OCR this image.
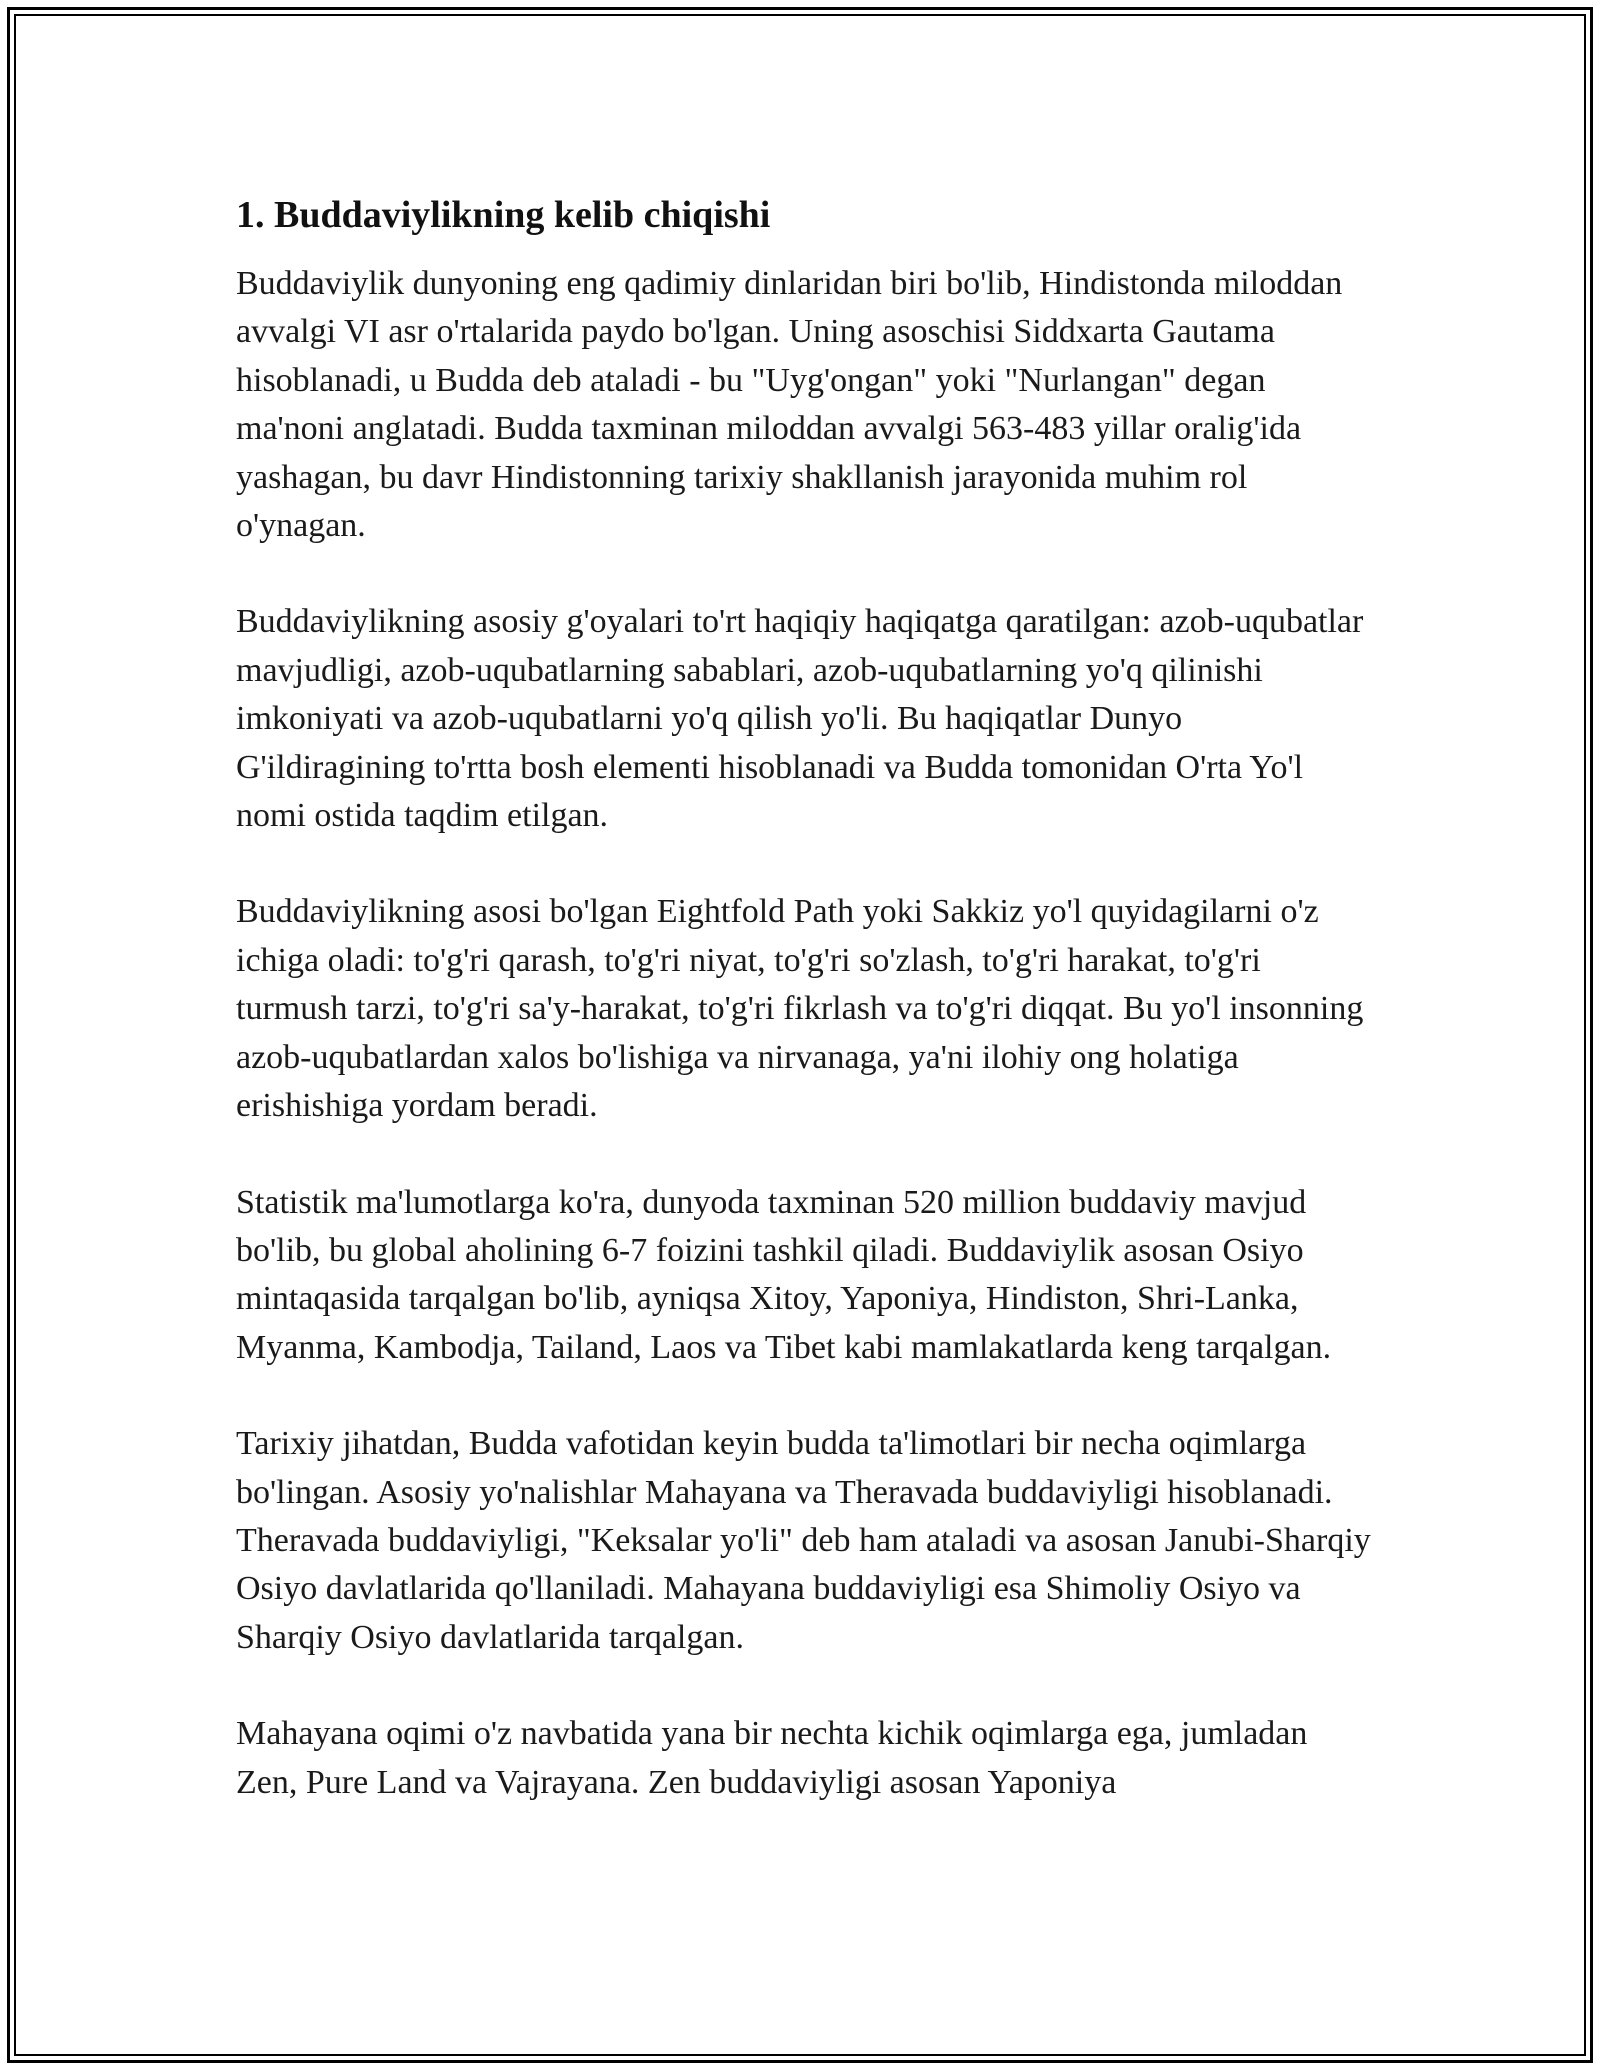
1. Buddaviylikning kelib chiqishi

Buddaviylik dunyoning eng qadimiy dinlaridan biri bo'lib, Hindistonda miloddan avvalgi VI asr o'rtalarida paydo bo'lgan. Uning asoschisi Siddxarta Gautama hisoblanadi, u Budda deb ataladi - bu "Uyg'ongan" yoki "Nurlangan" degan ma'noni anglatadi. Budda taxminan miloddan avvalgi 563-483 yillar oralig'ida yashagan, bu davr Hindistonning tarixiy shakllanish jarayonida muhim rol o'ynagan.

Buddaviylikning asosiy g'oyalari to'rt haqiqiy haqiqatga qaratilgan: azob-uqubatlar mavjudligi, azob-uqubatlarning sabablari, azob-uqubatlarning yo'q qilinishi imkoniyati va azob-uqubatlarni yo'q qilish yo'li. Bu haqiqatlar Dunyo G'ildiragining to'rtta bosh elementi hisoblanadi va Budda tomonidan O'rta Yo'l nomi ostida taqdim etilgan.

Buddaviylikning asosi bo'lgan Eightfold Path yoki Sakkiz yo'l quyidagilarni o'z ichiga oladi: to'g'ri qarash, to'g'ri niyat, to'g'ri so'zlash, to'g'ri harakat, to'g'ri turmush tarzi, to'g'ri sa'y-harakat, to'g'ri fikrlash va to'g'ri diqqat. Bu yo'l insonning azob-uqubatlardan xalos bo'lishiga va nirvanaga, ya'ni ilohiy ong holatiga erishishiga yordam beradi.

Statistik ma'lumotlarga ko'ra, dunyoda taxminan 520 million buddaviy mavjud bo'lib, bu global aholining 6-7 foizini tashkil qiladi. Buddaviylik asosan Osiyo mintaqasida tarqalgan bo'lib, ayniqsa Xitoy, Yaponiya, Hindiston, Shri-Lanka, Myanma, Kambodja, Tailand, Laos va Tibet kabi mamlakatlarda keng tarqalgan.

Tarixiy jihatdan, Budda vafotidan keyin budda ta'limotlari bir necha oqimlarga bo'lingan. Asosiy yo'nalishlar Mahayana va Theravada buddaviyligi hisoblanadi. Theravada buddaviyligi, "Keksalar yo'li" deb ham ataladi va asosan Janubi-Sharqiy Osiyo davlatlarida qo'llaniladi. Mahayana buddaviyligi esa Shimoliy Osiyo va Sharqiy Osiyo davlatlarida tarqalgan.

Mahayana oqimi o'z navbatida yana bir nechta kichik oqimlarga ega, jumladan Zen, Pure Land va Vajrayana. Zen buddaviyligi asosan Yaponiya
